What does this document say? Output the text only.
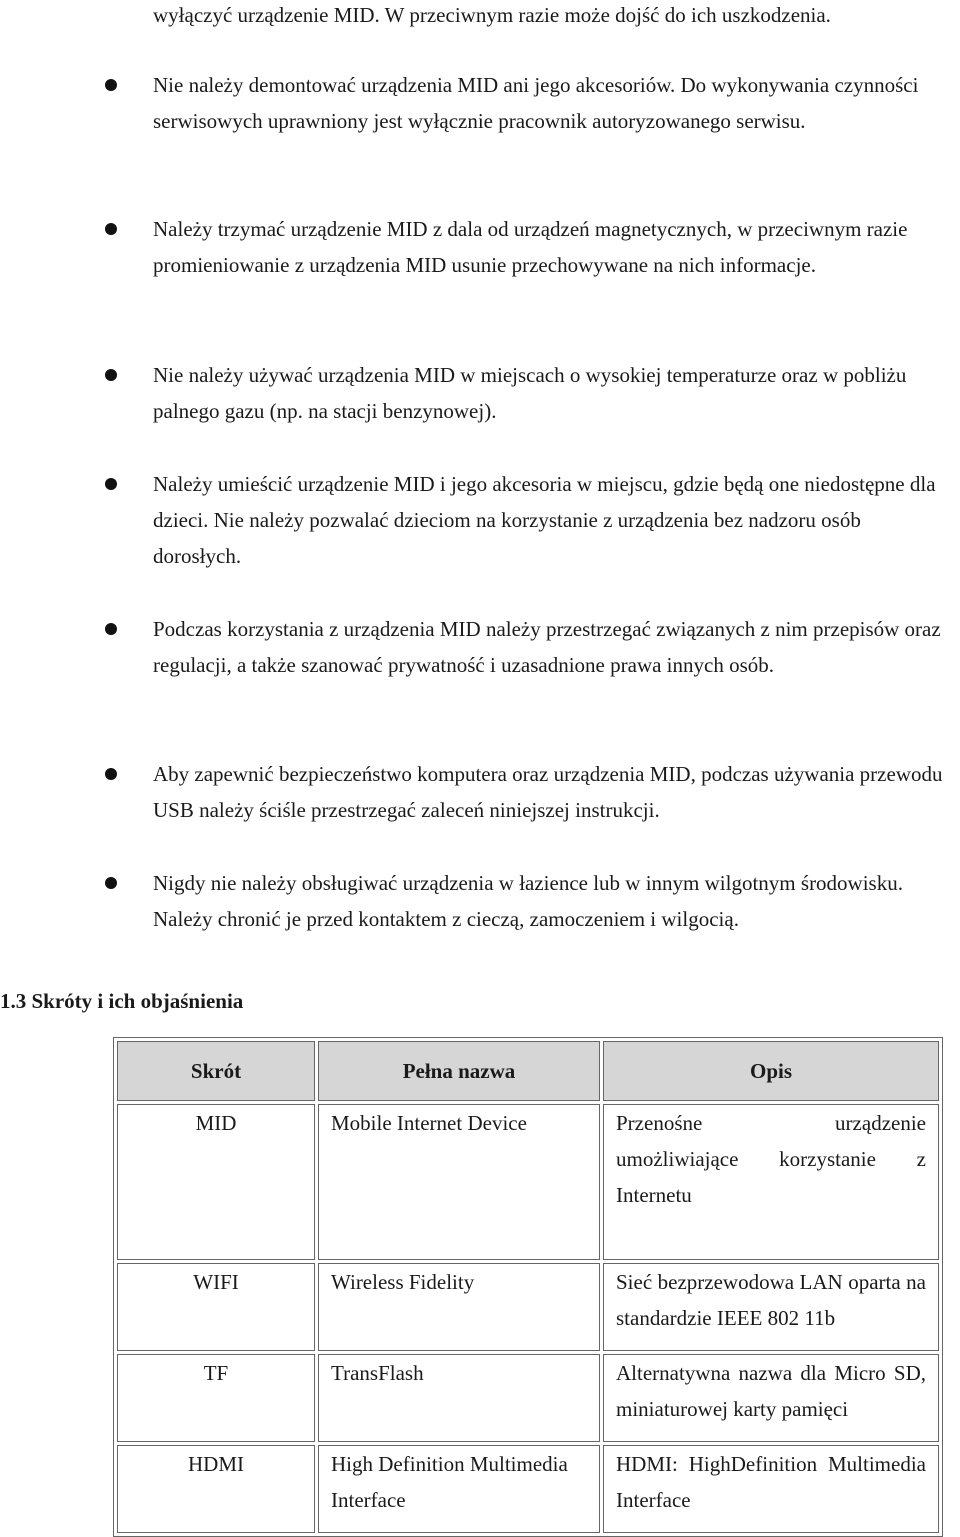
wyłączyć urządzenie MID. W przeciwnym razie może dojść do ich uszkodzenia.
Nie należy demontować urządzenia MID ani jego akcesoriów. Do wykonywania czynności serwisowych uprawniony jest wyłącznie pracownik autoryzowanego serwisu.
Należy trzymać urządzenie MID z dala od urządzeń magnetycznych, w przeciwnym razie promieniowanie z urządzenia MID usunie przechowywane na nich informacje.
Nie należy używać urządzenia MID w miejscach o wysokiej temperaturze oraz w pobliżu palnego gazu (np. na stacji benzynowej).
Należy umieścić urządzenie MID i jego akcesoria w miejscu, gdzie będą one niedostępne dla dzieci. Nie należy pozwalać dzieciom na korzystanie z urządzenia bez nadzoru osób dorosłych.
Podczas korzystania z urządzenia MID należy przestrzegać związanych z nim przepisów oraz regulacji, a także szanować prywatność i uzasadnione prawa innych osób.
Aby zapewnić bezpieczeństwo komputera oraz urządzenia MID, podczas używania przewodu USB należy ściśle przestrzegać zaleceń niniejszej instrukcji.
Nigdy nie należy obsługiwać urządzenia w łazience lub w innym wilgotnym środowisku. Należy chronić je przed kontaktem z cieczą, zamoczeniem i wilgocią.
1.3 Skróty i ich objaśnienia
Skrót	Pełna nazwa	Opis
MID	Mobile Internet Device	Przenośne urządzenie umożliwiające korzystanie z Internetu
WIFI	Wireless Fidelity	Sieć bezprzewodowa LAN oparta na standardzie IEEE 802 11b
TF	TransFlash	Alternatywna nazwa dla Micro SD, miniaturowej karty pamięci
HDMI	High Definition Multimedia Interface	HDMI: HighDefinition Multimedia Interface
